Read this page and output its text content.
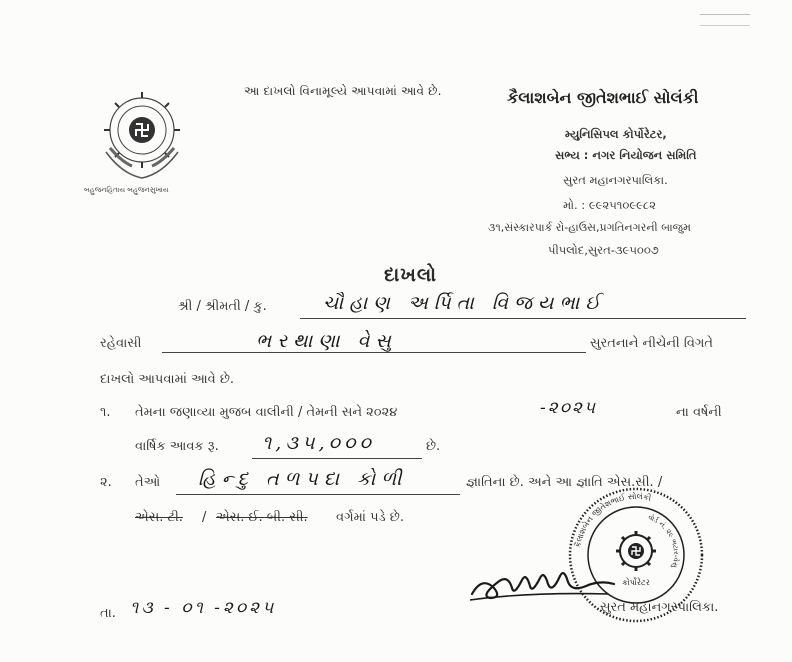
બહુજનહિતાય બહુજનસુખાય
આ દાખલો વિનામૂલ્યે આપવામાં આવે છે.	કૈલાશબેન જીતેશભાઈ સોલંકી
મ્યુનિસિપલ કોર્પોરેટર,
સભ્ય : નગર નિયોજન સમિતિ
સુરત મહાનગરપાલિકા.
મો. : ૯૯૨૫૧૦૯૯૮૨
૩૧,સંસ્કારપાર્ક રો-હાઉસ,પ્રગતિનગરની બાજુમ
પીપલોદ,સુરત-૩૯૫૦૦૭
દાખલો
શ્રી / શ્રીમતી / કુ.	ચૌહાણ અર્પિતા વિજયભાઈ
રહેવાસી	ભરથાણા વેસુ	સુરતનાને નીચેની વિગતે
દાખલો આપવામાં આવે છે.
૧. તેમના જણાવ્યા મુજબ વાલીની / તેમની સને ૨૦૨૪	-૨૦૨૫	ના વર્ષની
વાર્ષિક આવક રૂ. ૧,૩૫,૦૦૦	છે.
૨. તેઓ હિન્દુ તળપદા કોળી	જ્ઞાતિના છે. અને આ જ્ઞાતિ એસ.સી. /
એસ. ટી. / એસ. ઈ. બી. સી. વર્ગમાં પડે છે.
તા. ૧૩ - ૦૧ -૨૦૨૫
કૈલાશબેન જીતેશભાઈ સોલંકી
વોર્ડ નં. ૨૯ ભટાર-વેસુ
કોર્પોરેટર
સુરત મહાનગરપાલિકા.
